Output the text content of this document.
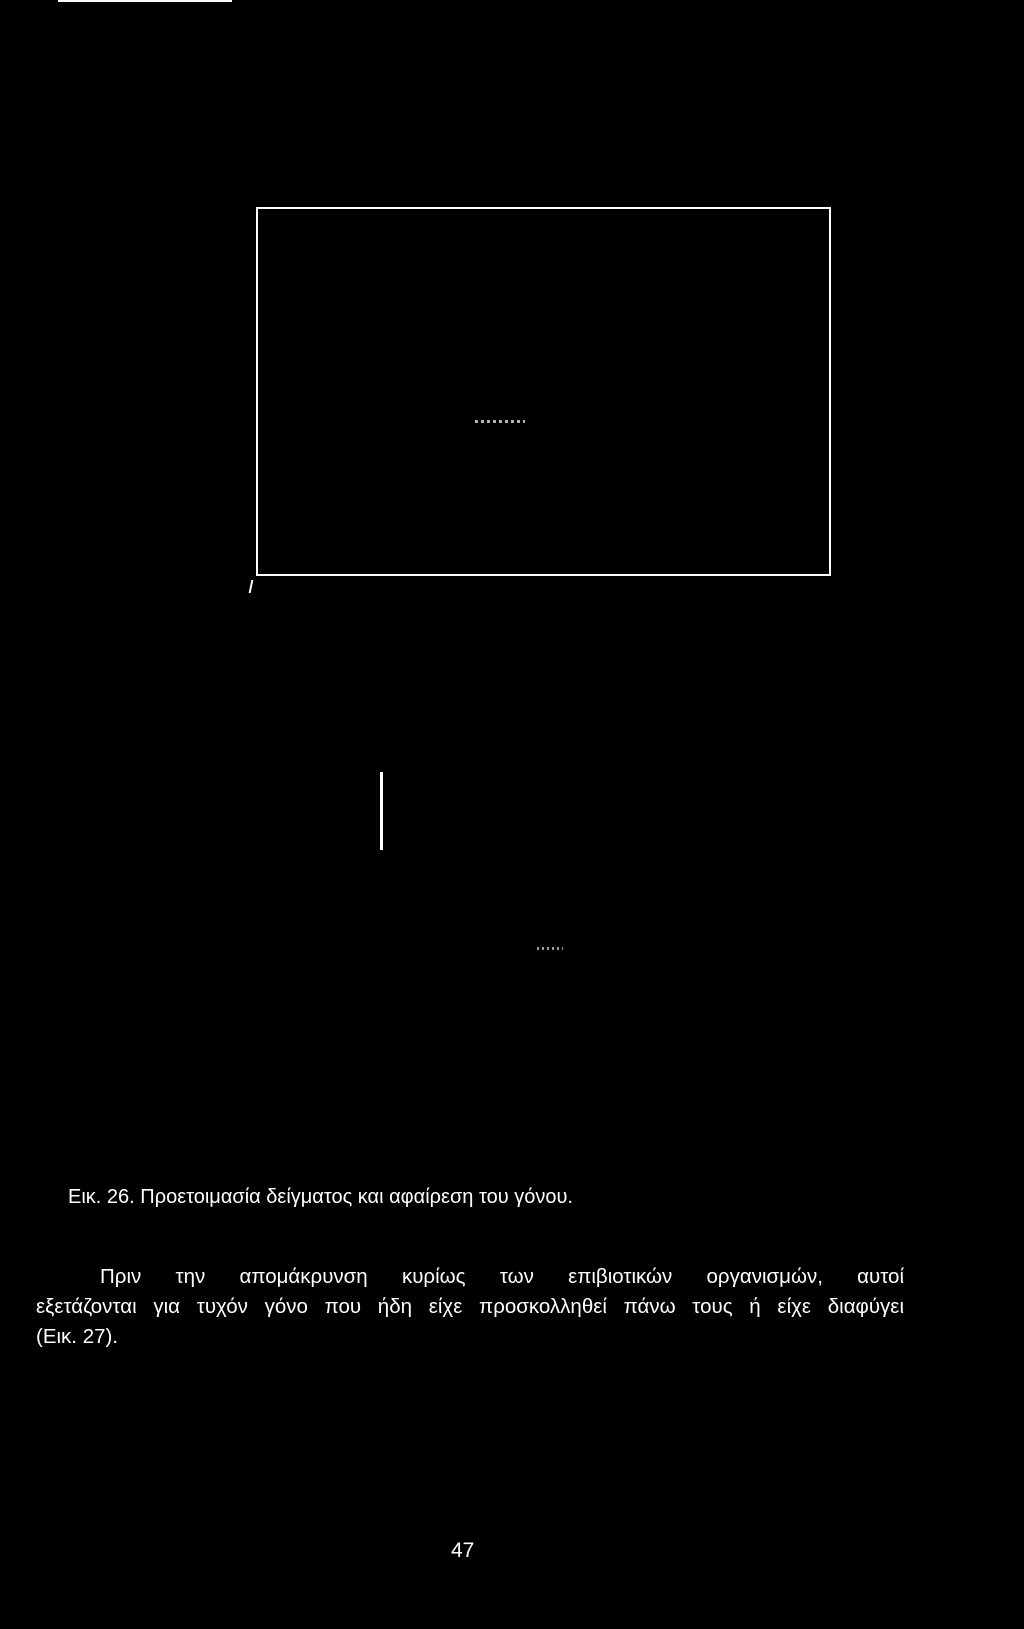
Εικ. 26. Προετοιμασία δείγματος και αφαίρεση του γόνου.
Πριν την απομάκρυνση κυρίως των επιβιοτικών οργανισμών, αυτοί
εξετάζονται για τυχόν γόνο που ήδη είχε προσκολληθεί πάνω τους ή είχε διαφύγει
(Εικ. 27).
47
